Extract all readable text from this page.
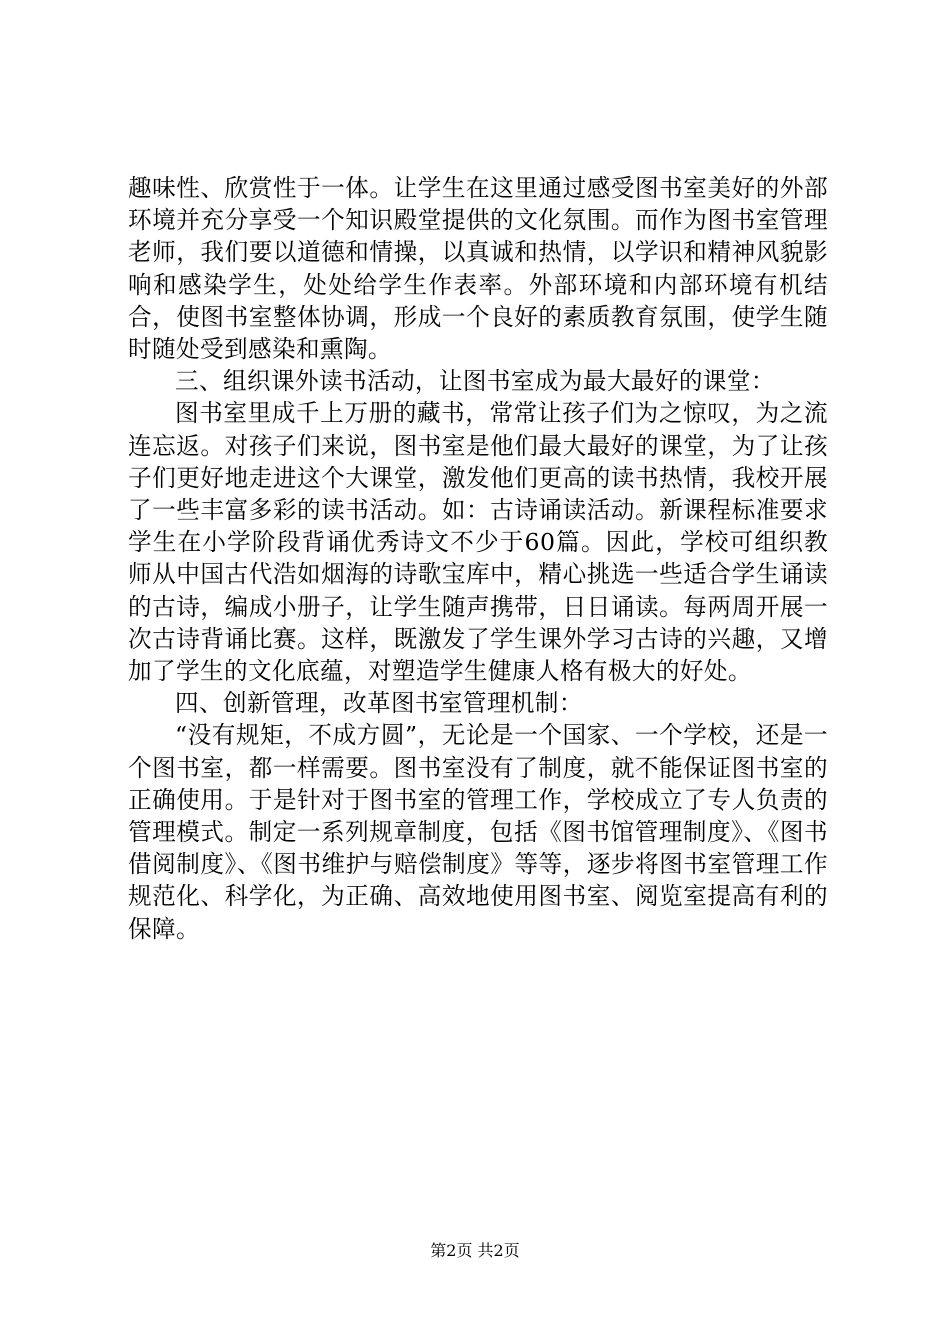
趣味性、欣赏性于一体。让学生在这里通过感受图书室美好的外部环境并充分享受一个知识殿堂提供的文化氛围。而作为图书室管理老师，我们要以道德和情操，以真诚和热情，以学识和精神风貌影响和感染学生，处处给学生作表率。外部环境和内部环境有机结合，使图书室整体协调，形成一个良好的素质教育氛围，使学生随时随处受到感染和熏陶。

三、组织课外读书活动，让图书室成为最大最好的课堂：

图书室里成千上万册的藏书，常常让孩子们为之惊叹，为之流连忘返。对孩子们来说，图书室是他们最大最好的课堂，为了让孩子们更好地走进这个大课堂，激发他们更高的读书热情，我校开展了一些丰富多彩的读书活动。如：古诗诵读活动。新课程标准要求学生在小学阶段背诵优秀诗文不少于60篇。因此，学校可组织教师从中国古代浩如烟海的诗歌宝库中，精心挑选一些适合学生诵读的古诗，编成小册子，让学生随声携带，日日诵读。每两周开展一次古诗背诵比赛。这样，既激发了学生课外学习古诗的兴趣，又增加了学生的文化底蕴，对塑造学生健康人格有极大的好处。

四、创新管理，改革图书室管理机制：

“没有规矩，不成方圆”，无论是一个国家、一个学校，还是一个图书室，都一样需要。图书室没有了制度，就不能保证图书室的正确使用。于是针对于图书室的管理工作，学校成立了专人负责的管理模式。制定一系列规章制度，包括《图书馆管理制度》、《图书借阅制度》、《图书维护与赔偿制度》等等，逐步将图书室管理工作规范化、科学化，为正确、高效地使用图书室、阅览室提高有利的保障。

第2页 共2页
